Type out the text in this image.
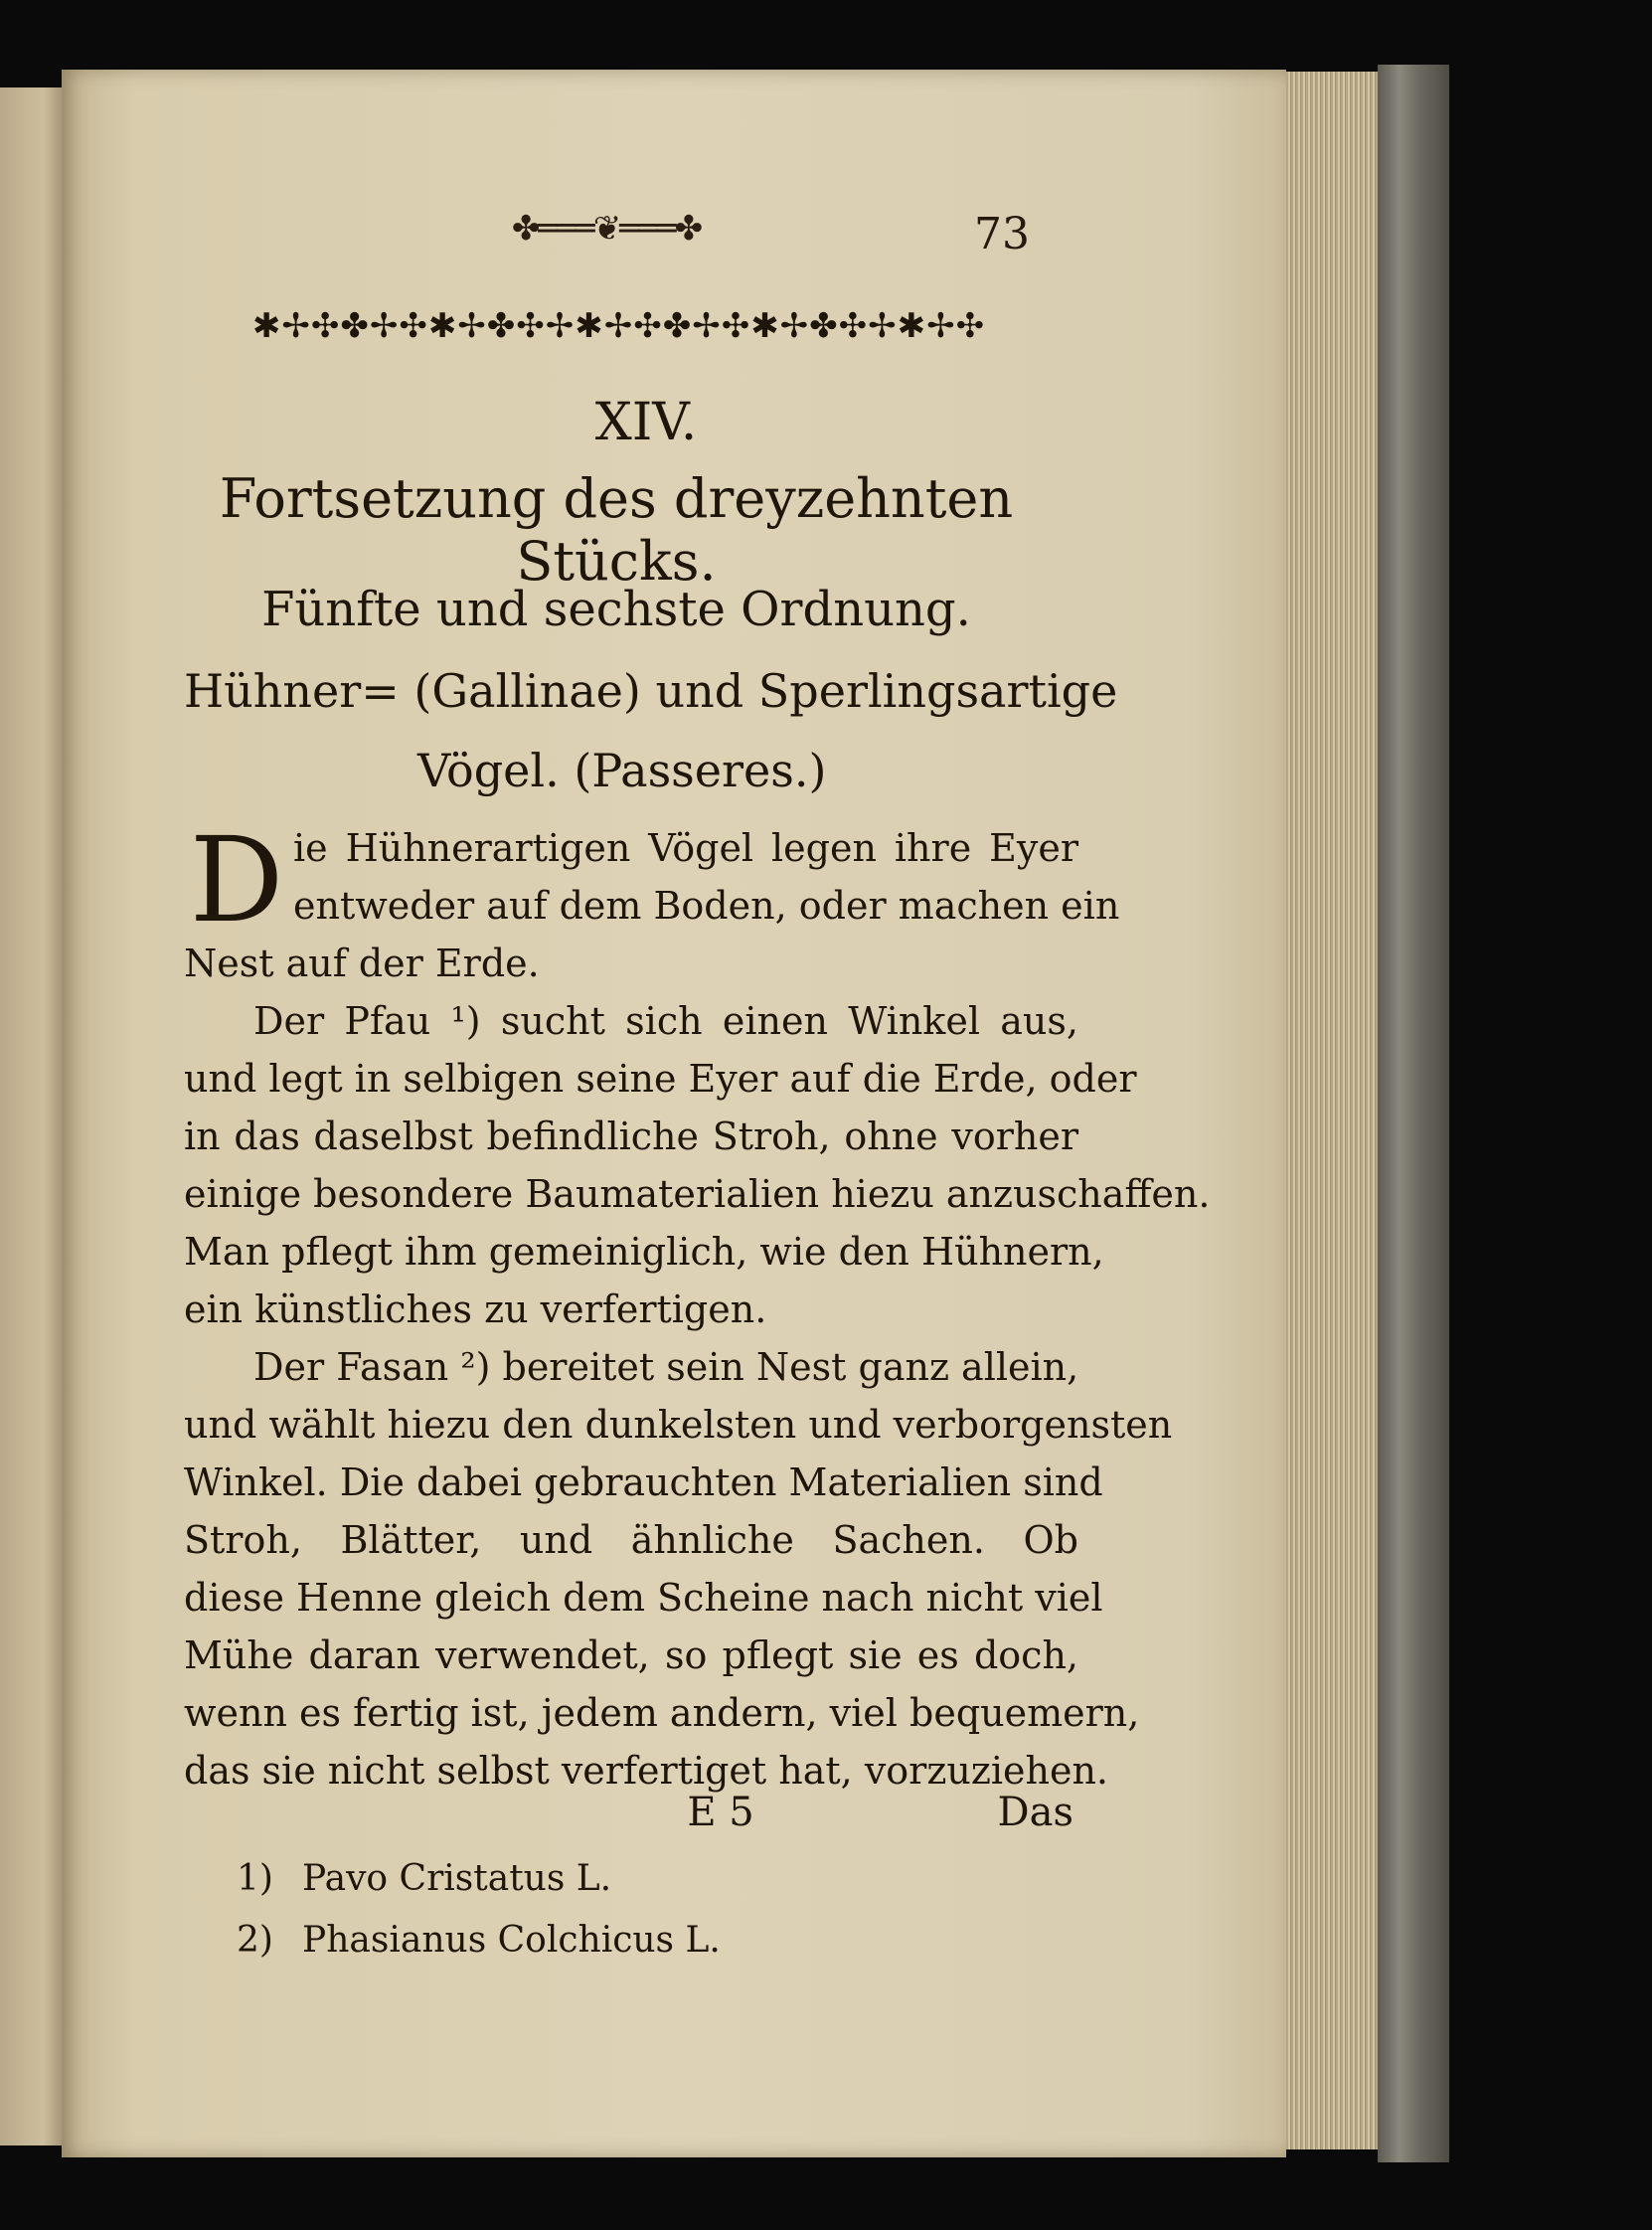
✤═══❦═══✤	73
✱✢✣✤✢✣✱✢✤✣✢✱✢✣✤✢✣✱✢✤✣✢✱✢✣
XIV.
Fortsetzung des dreyzehnten Stücks.
Fünfte und sechste Ordnung.
Hühner= (Gallinae) und Sperlingsartige
Vögel. (Passeres.)
D ie Hühnerartigen Vögel legen ihre Eyer
entweder auf dem Boden, oder machen ein
Nest auf der Erde.
Der Pfau ¹) sucht sich einen Winkel aus,
und legt in selbigen seine Eyer auf die Erde, oder
in das daselbst befindliche Stroh, ohne vorher
einige besondere Baumaterialien hiezu anzuschaffen.
Man pflegt ihm gemeiniglich, wie den Hühnern,
ein künstliches zu verfertigen.
Der Fasan ²) bereitet sein Nest ganz allein,
und wählt hiezu den dunkelsten und verborgensten
Winkel. Die dabei gebrauchten Materialien sind
Stroh, Blätter, und ähnliche Sachen. Ob
diese Henne gleich dem Scheine nach nicht viel
Mühe daran verwendet, so pflegt sie es doch,
wenn es fertig ist, jedem andern, viel bequemern,
das sie nicht selbst verfertiget hat, vorzuziehen.
E 5	Das
1) Pavo Cristatus L.
2) Phasianus Colchicus L.
